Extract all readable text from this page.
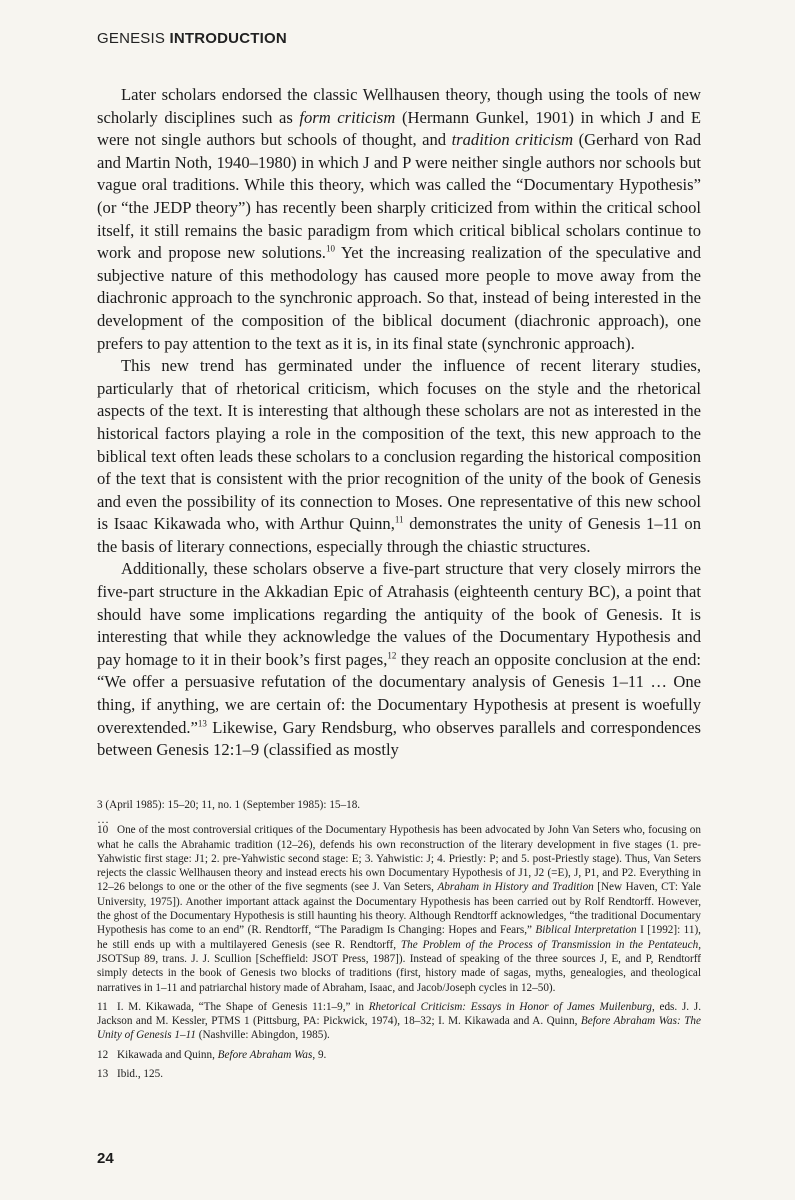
GENESIS INTRODUCTION

Later scholars endorsed the classic Wellhausen theory, though using the tools of new scholarly disciplines such as form criticism (Hermann Gunkel, 1901) in which J and E were not single authors but schools of thought, and tradition criticism (Gerhard von Rad and Martin Noth, 1940–1980) in which J and P were neither single authors nor schools but vague oral traditions. While this theory, which was called the “Documentary Hypothesis” (or “the JEDP theory”) has recently been sharply criticized from within the critical school itself, it still remains the basic paradigm from which critical biblical scholars continue to work and propose new solutions.$^{10}$ Yet the increasing realization of the speculative and subjective nature of this methodology has caused more people to move away from the diachronic approach to the synchronic approach. So that, instead of being interested in the development of the composition of the biblical document (diachronic approach), one prefers to pay attention to the text as it is, in its final state (synchronic approach).

This new trend has germinated under the influence of recent literary studies, particularly that of rhetorical criticism, which focuses on the style and the rhetorical aspects of the text. It is interesting that although these scholars are not as interested in the historical factors playing a role in the composition of the text, this new approach to the biblical text often leads these scholars to a conclusion regarding the historical composition of the text that is consistent with the prior recognition of the unity of the book of Genesis and even the possibility of its connection to Moses. One representative of this new school is Isaac Kikawada who, with Arthur Quinn,$^{11}$ demonstrates the unity of Genesis 1–11 on the basis of literary connections, especially through the chiastic structures.

Additionally, these scholars observe a five-part structure that very closely mirrors the five-part structure in the Akkadian Epic of Atrahasis (eighteenth century BC), a point that should have some implications regarding the antiquity of the book of Genesis. It is interesting that while they acknowledge the values of the Documentary Hypothesis and pay homage to it in their book’s first pages,$^{12}$ they reach an opposite conclusion at the end: “We offer a persuasive refutation of the documentary analysis of Genesis 1–11 … One thing, if anything, we are certain of: the Documentary Hypothesis at present is woefully overextended.”$^{13}$ Likewise, Gary Rendsburg, who observes parallels and correspondences between Genesis 12:1–9 (classified as mostly

3 (April 1985): 15–20; 11, no. 1 (September 1985): 15–18.

…

10 One of the most controversial critiques of the Documentary Hypothesis has been advocated by John Van Seters who, focusing on what he calls the Abrahamic tradition (12–26), defends his own reconstruction of the literary development in five stages (1. pre-Yahwistic first stage: J1; 2. pre-Yahwistic second stage: E; 3. Yahwistic: J; 4. Priestly: P; and 5. post-Priestly stage). Thus, Van Seters rejects the classic Wellhausen theory and instead erects his own Documentary Hypothesis of J1, J2 (=E), J, P1, and P2. Everything in 12–26 belongs to one or the other of the five segments (see J. Van Seters, Abraham in History and Tradition [New Haven, CT: Yale University, 1975]). Another important attack against the Documentary Hypothesis has been carried out by Rolf Rendtorff. However, the ghost of the Documentary Hypothesis is still haunting his theory. Although Rendtorff acknowledges, “the traditional Documentary Hypothesis has come to an end” (R. Rendtorff, “The Paradigm Is Changing: Hopes and Fears,” Biblical Interpretation I [1992]: 11), he still ends up with a multilayered Genesis (see R. Rendtorff, The Problem of the Process of Transmission in the Pentateuch, JSOTSup 89, trans. J. J. Scullion [Scheffield: JSOT Press, 1987]). Instead of speaking of the three sources J, E, and P, Rendtorff simply detects in the book of Genesis two blocks of traditions (first, history made of sagas, myths, genealogies, and theological narratives in 1–11 and patriarchal history made of Abraham, Isaac, and Jacob/Joseph cycles in 12–50).

11 I. M. Kikawada, “The Shape of Genesis 11:1–9,” in Rhetorical Criticism: Essays in Honor of James Muilenburg, eds. J. J. Jackson and M. Kessler, PTMS 1 (Pittsburg, PA: Pickwick, 1974), 18–32; I. M. Kikawada and A. Quinn, Before Abraham Was: The Unity of Genesis 1–11 (Nashville: Abingdon, 1985).

12 Kikawada and Quinn, Before Abraham Was, 9.

13 Ibid., 125.

24
